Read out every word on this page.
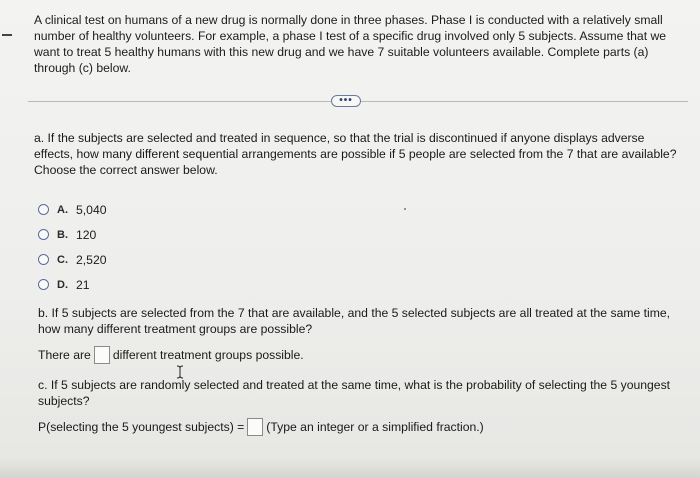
A clinical test on humans of a new drug is normally done in three phases. Phase I is conducted with a relatively small number of healthy volunteers. For example, a phase I test of a specific drug involved only 5 subjects. Assume that we want to treat 5 healthy humans with this new drug and we have 7 suitable volunteers available. Complete parts (a) through (c) below.
•••
a. If the subjects are selected and treated in sequence, so that the trial is discontinued if anyone displays adverse effects, how many different sequential arrangements are possible if 5 people are selected from the 7 that are available? Choose the correct answer below.
A. 5,040
B. 120
C. 2,520
D. 21
b. If 5 subjects are selected from the 7 that are available, and the 5 selected subjects are all treated at the same time, how many different treatment groups are possible?
There are different treatment groups possible.
c. If 5 subjects are randomly selected and treated at the same time, what is the probability of selecting the 5 youngest subjects?
P(selecting the 5 youngest subjects) = (Type an integer or a simplified fraction.)
